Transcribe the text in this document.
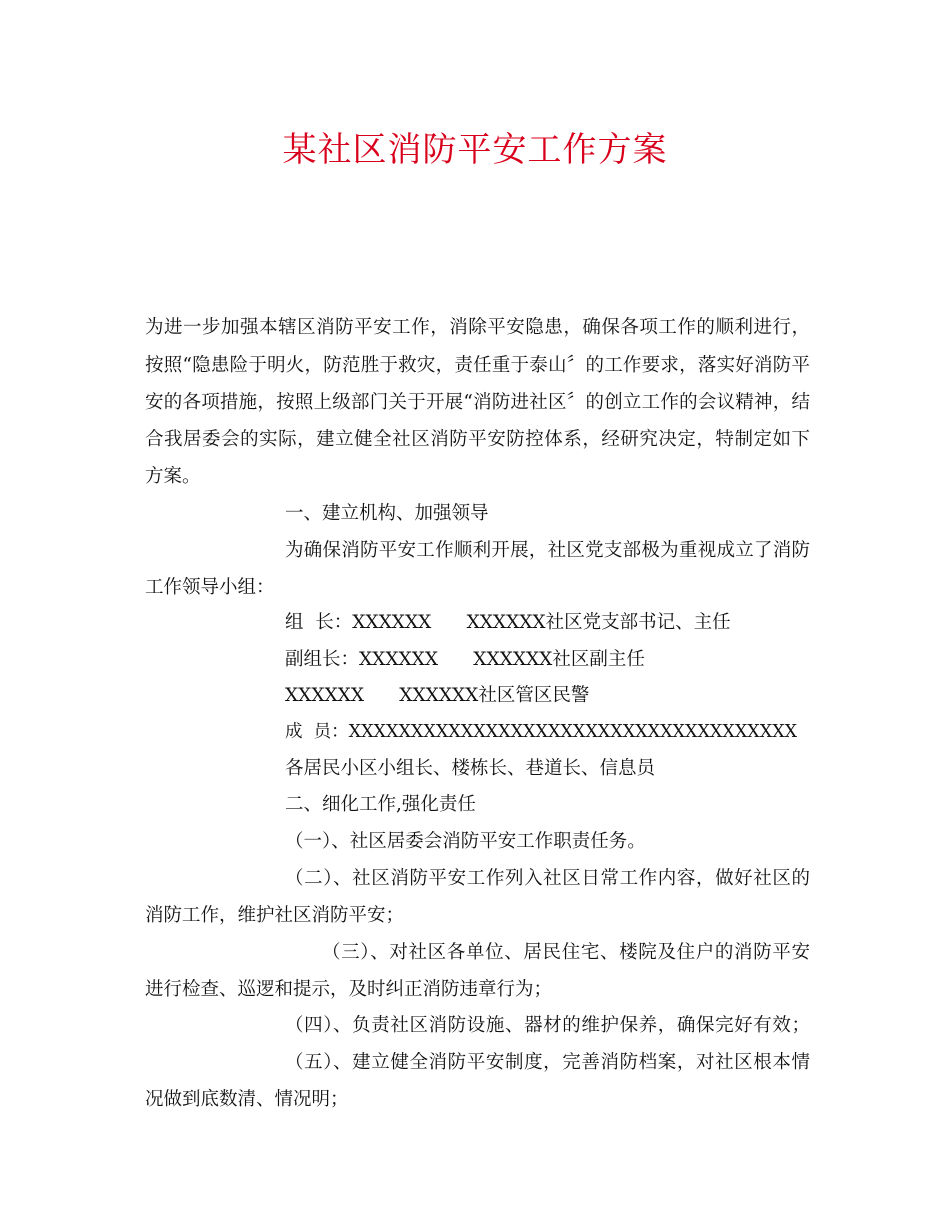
某社区消防平安工作方案
为进一步加强本辖区消防平安工作，消除平安隐患，确保各项工作的顺利进行，
按照“隐患险于明火，防范胜于救灾，责任重于泰山〞的工作要求，落实好消防平
安的各项措施，按照上级部门关于开展“消防进社区〞的创立工作的会议精神，结
合我居委会的实际，建立健全社区消防平安防控体系，经研究决定，特制定如下
方案。
一、建立机构、加强领导
为确保消防平安工作顺利开展，社区党支部极为重视成立了消防
工作领导小组：
组  长：XXXXXX      XXXXXX社区党支部书记、主任
副组长：XXXXXX      XXXXXX社区副主任
XXXXXX      XXXXXX社区管区民警
成  员：XXXXXXXXXXXXXXXXXXXXXXXXXXXXXXXXXXXX
各居民小区小组长、楼栋长、巷道长、信息员
二、细化工作,强化责任
（一）、社区居委会消防平安工作职责任务。
（二）、社区消防平安工作列入社区日常工作内容，做好社区的
消防工作，维护社区消防平安；
（三）、对社区各单位、居民住宅、楼院及住户的消防平安
进行检查、巡逻和提示，及时纠正消防违章行为；
（四）、负责社区消防设施、器材的维护保养，确保完好有效；
（五）、建立健全消防平安制度，完善消防档案，对社区根本情
况做到底数清、情况明；
